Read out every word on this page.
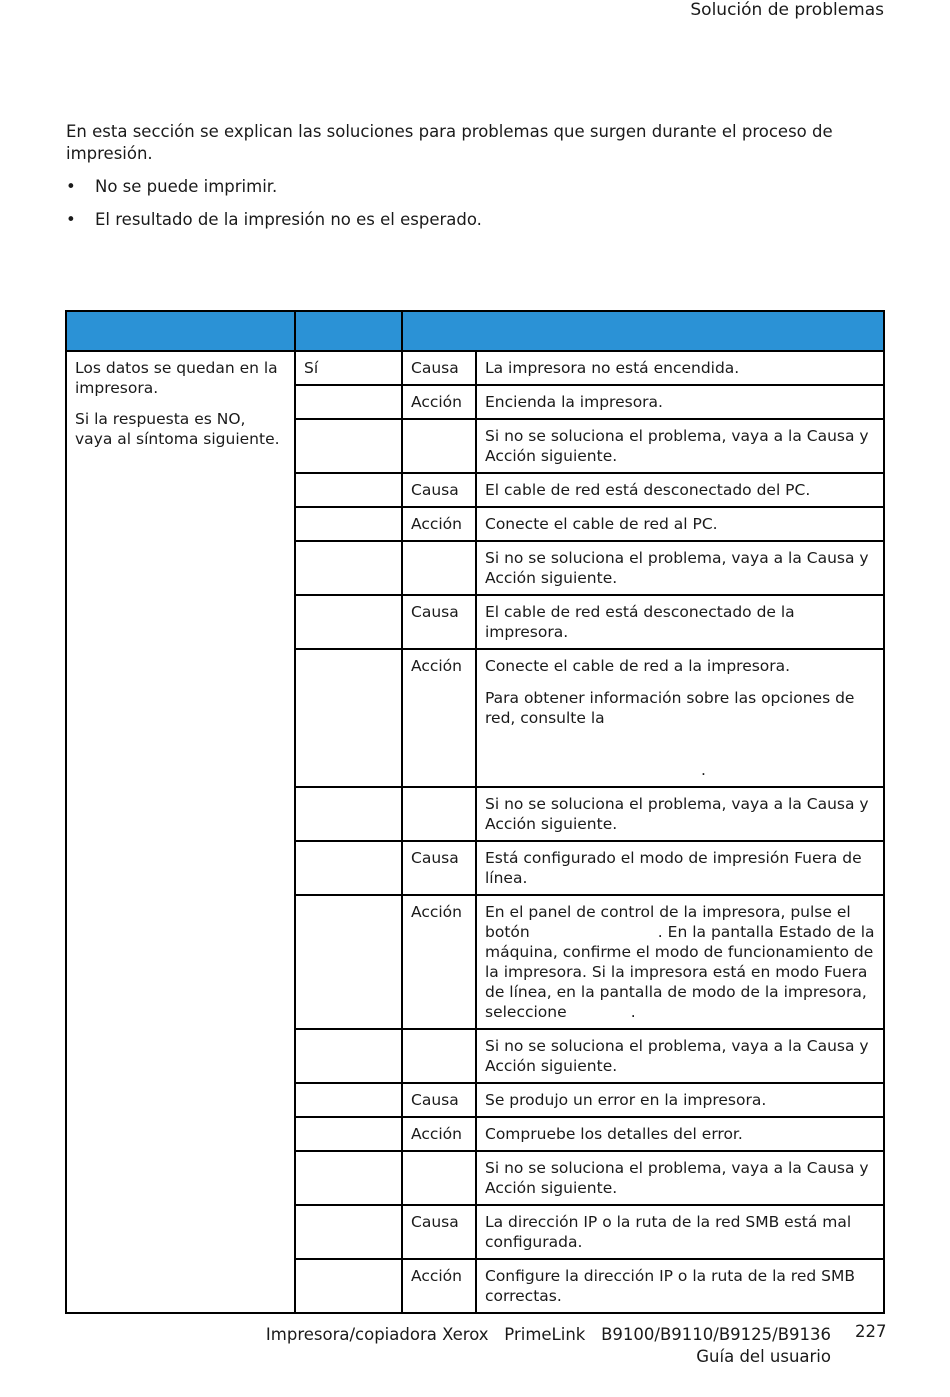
Solución de problemas

En esta sección se explican las soluciones para problemas que surgen durante el proceso de impresión.

• No se puede imprimir.
• El resultado de la impresión no es el esperado.

Los datos se quedan en la impresora.

Si la respuesta es NO, vaya al síntoma siguiente.	Sí	Causa	La impresora no está encendida.
		Acción	Encienda la impresora.
			Si no se soluciona el problema, vaya a la Causa y Acción siguiente.
		Causa	El cable de red está desconectado del PC.
		Acción	Conecte el cable de red al PC.
			Si no se soluciona el problema, vaya a la Causa y Acción siguiente.
		Causa	El cable de red está desconectado de la impresora.
		Acción	Conecte el cable de red a la impresora.

Para obtener información sobre las opciones de red, consulte la

.

			Si no se soluciona el problema, vaya a la Causa y Acción siguiente.
		Causa	Está configurado el modo de impresión Fuera de línea.
		Acción	En el panel de control de la impresora, pulse el botón                          . En la pantalla Estado de la máquina, confirme el modo de funcionamiento de la impresora. Si la impresora está en modo Fuera de línea, en la pantalla de modo de la impresora, seleccione             .
			Si no se soluciona el problema, vaya a la Causa y Acción siguiente.
		Causa	Se produjo un error en la impresora.
		Acción	Compruebe los detalles del error.
			Si no se soluciona el problema, vaya a la Causa y Acción siguiente.
		Causa	La dirección IP o la ruta de la red SMB está mal configurada.
		Acción	Configure la dirección IP o la ruta de la red SMB correctas.
Impresora/copiadora Xerox   PrimeLink   B9100/B9110/B9125/B9136
Guía del usuario
227
